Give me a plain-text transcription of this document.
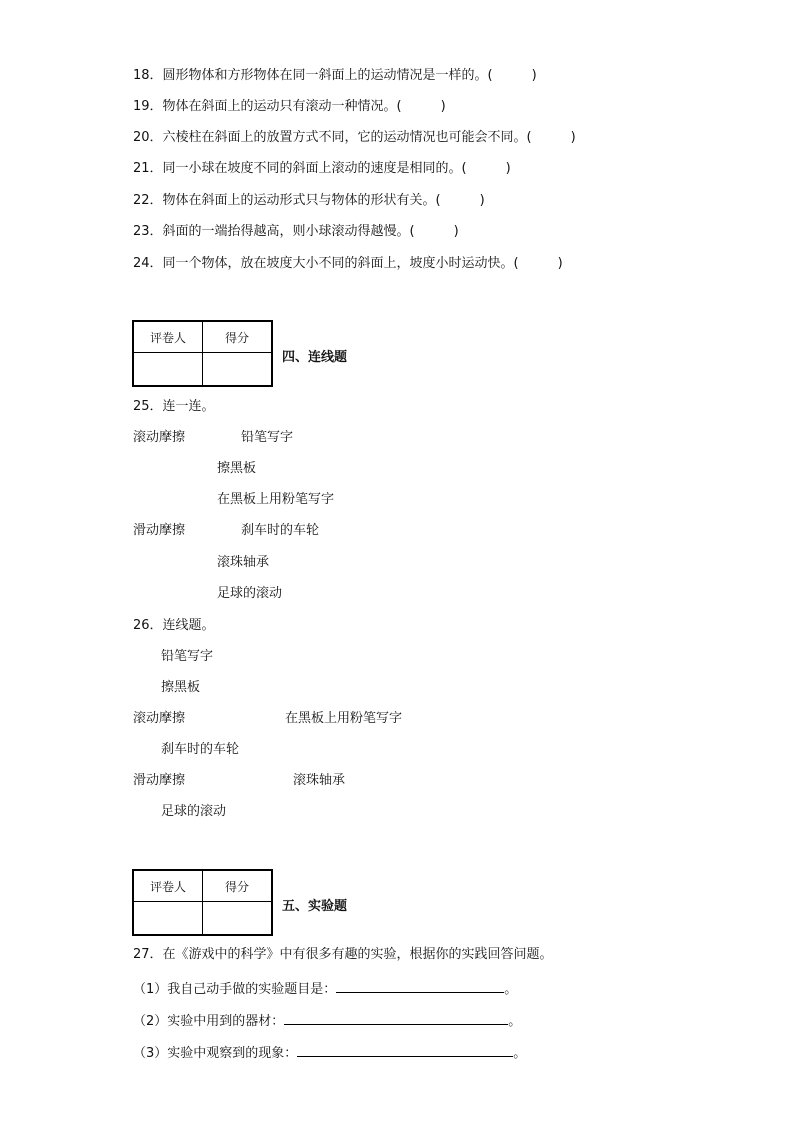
18．圆形物体和方形物体在同一斜面上的运动情况是一样的。(　　　)
19．物体在斜面上的运动只有滚动一种情况。(　　　)
20．六棱柱在斜面上的放置方式不同，它的运动情况也可能会不同。(　　　)
21．同一小球在坡度不同的斜面上滚动的速度是相同的。(　　　)
22．物体在斜面上的运动形式只与物体的形状有关。(　　　)
23．斜面的一端抬得越高，则小球滚动得越慢。(　　　)
24．同一个物体，放在坡度大小不同的斜面上，坡度小时运动快。(　　　)
评卷人	得分

四、连线题
25．连一连。
滚动摩擦	铅笔写字
擦黑板
在黑板上用粉笔写字
滑动摩擦	刹车时的车轮
滚珠轴承
足球的滚动
26．连线题。
铅笔写字
擦黑板
滚动摩擦	在黑板上用粉笔写字
刹车时的车轮
滑动摩擦	滚珠轴承
足球的滚动
评卷人	得分

五、实验题
27．在《游戏中的科学》中有很多有趣的实验，根据你的实践回答问题。
（1）我自己动手做的实验题目是：	。
（2）实验中用到的器材：	。
（3）实验中观察到的现象：	。
